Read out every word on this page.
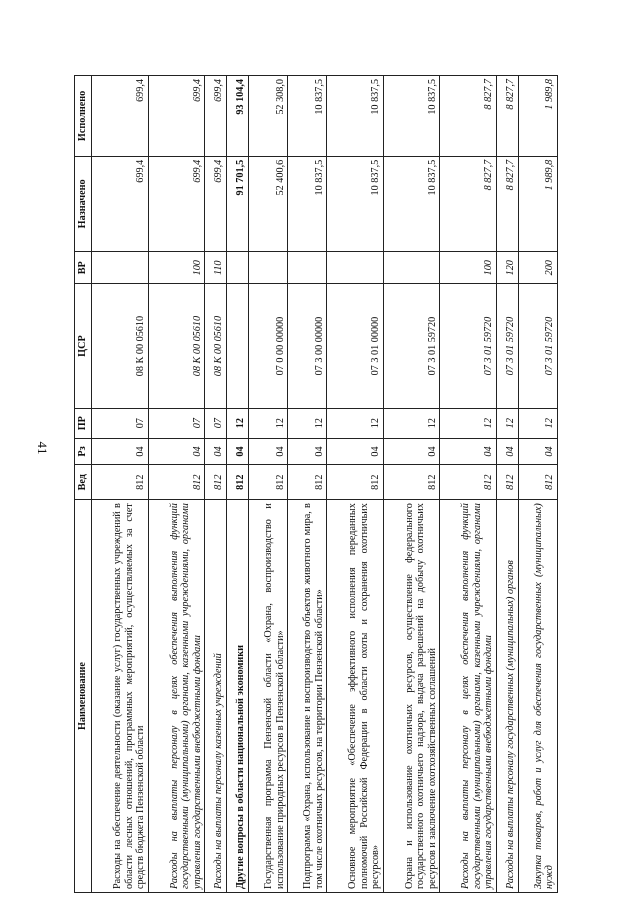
41
Наименование	Вед	Рз	ПР	ЦСР	ВР	Назначено	Исполнено
Расходы на обеспечение деятельности (оказание услуг) государственных учреждений в области лесных отношений, программных мероприятий, осуществляемых за счет средств бюджета Пензенской области	812	04	07	08 К 00 05610		699,4	699,4
Расходы на выплаты персоналу в целях обеспечения выполнения функций государственными (муниципальными) органами, казенными учреждениями, органами управления государственными внебюджетными фондами	812	04	07	08 К 00 05610	100	699,4	699,4
Расходы на выплаты персоналу казенных учреждений	812	04	07	08 К 00 05610	110	699,4	699,4
Другие вопросы в области национальной экономики	812	04	12			91 701,5	93 104,4
Государственная программа Пензенской области «Охрана, воспроизводство и использование природных ресурсов в Пензенской области»	812	04	12	07 0 00 00000		52 400,6	52 308,0
Подпрограмма «Охрана, использование и воспроизводство объектов животного мира, в том числе охотничьих ресурсов, на территории Пензенской области»	812	04	12	07 3 00 00000		10 837,5	10 837,5
Основное мероприятие «Обеспечение эффективного исполнения переданных полномочий Российской Федерации в области охоты и сохранения охотничьих ресурсов»	812	04	12	07 3 01 00000		10 837,5	10 837,5
Охрана и использование охотничьих ресурсов, осуществление федерального государственного охотничьего надзора, выдача разрешений на добычу охотничьих ресурсов и заключение охотхозяйственных соглашений	812	04	12	07 3 01 59720		10 837,5	10 837,5
Расходы на выплаты персоналу в целях обеспечения выполнения функций государственными (муниципальными) органами, казенными учреждениями, органами управления государственными внебюджетными фондами	812	04	12	07 3 01 59720	100	8 827,7	8 827,7
Расходы на выплаты персоналу государственных (муниципальных) органов	812	04	12	07 3 01 59720	120	8 827,7	8 827,7
Закупка товаров, работ и услуг для обеспечения государственных (муниципальных) нужд	812	04	12	07 3 01 59720	200	1 989,8	1 989,8
